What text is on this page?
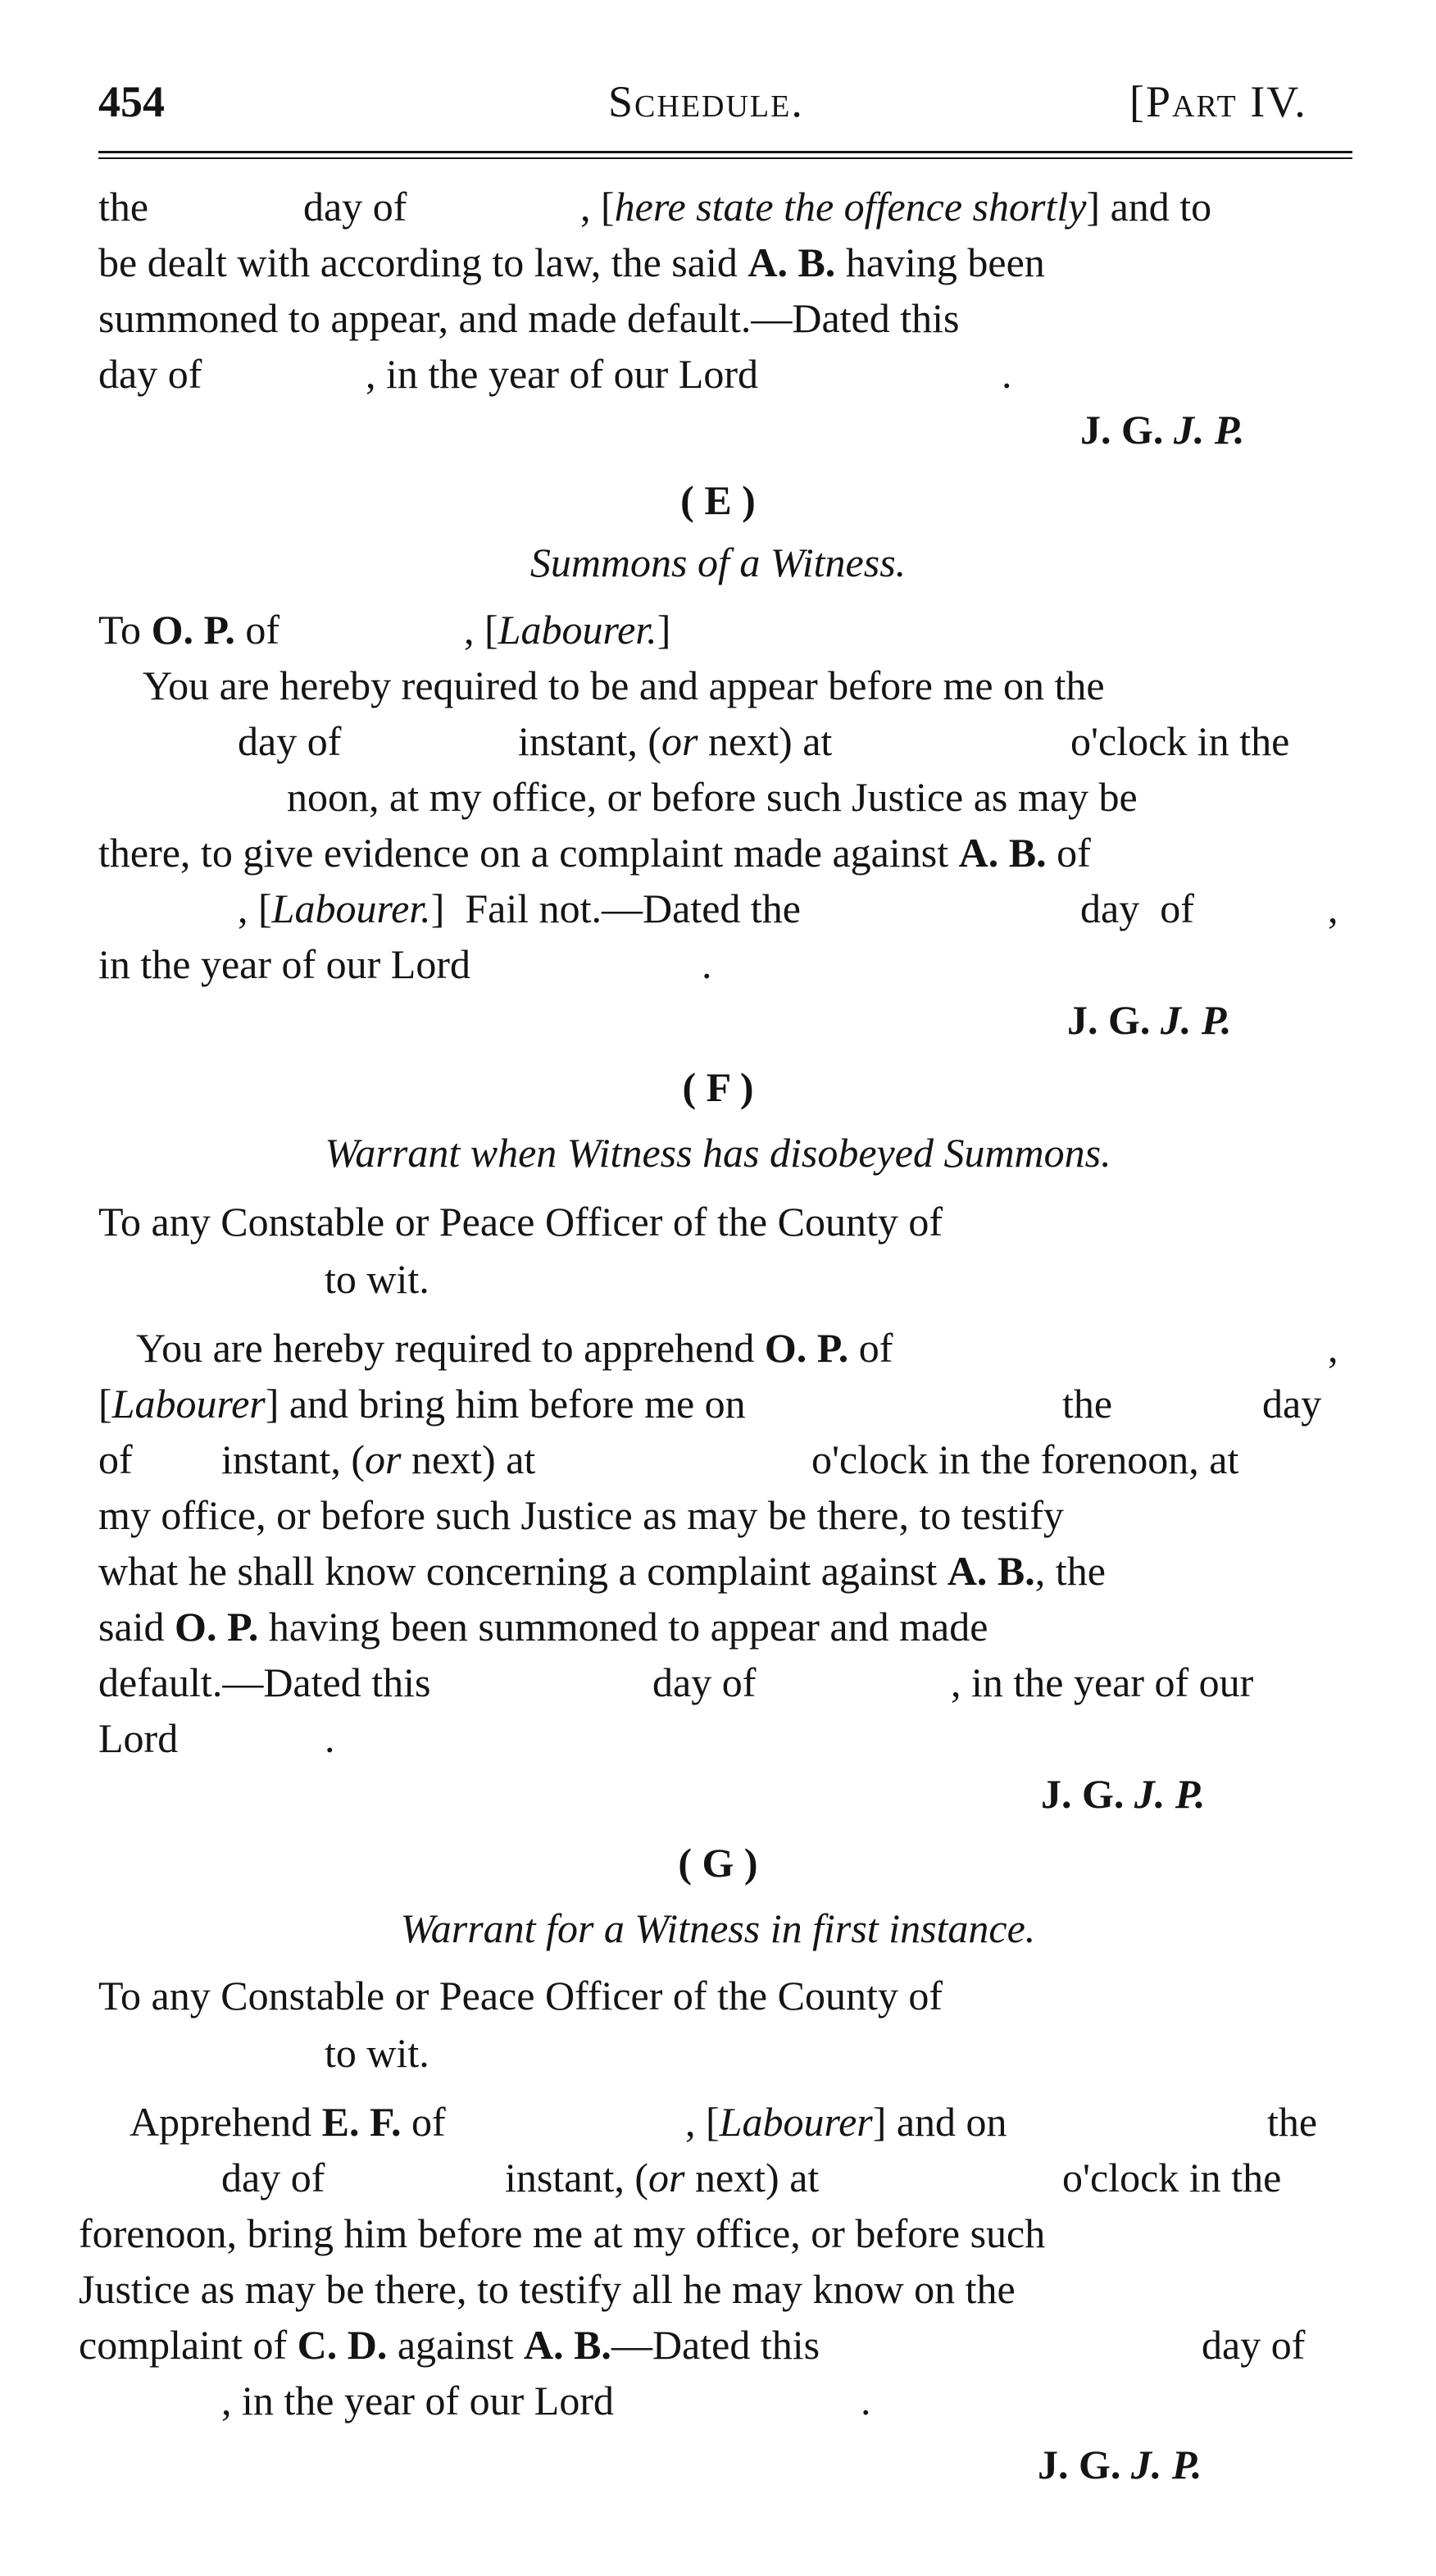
454	Schedule.	[Part IV.
the	day of	, [here state the offence shortly] and to
be dealt with according to law, the said A. B. having been
summoned to appear, and made default.—Dated this
day of	, in the year of our Lord	.
J. G. J. P.
( E )
Summons of a Witness.
To O. P. of	, [Labourer.]
You are hereby required to be and appear before me on the
day of	instant, (or next) at	o'clock in the
noon, at my office, or before such Justice as may be
there, to give evidence on a complaint made against A. B. of
, [Labourer.]  Fail not.—Dated the	day  of	,
in the year of our Lord	.
J. G. J. P.
( F )
Warrant when Witness has disobeyed Summons.
To any Constable or Peace Officer of the County of
to wit.
You are hereby required to apprehend O. P. of	,
[Labourer] and bring him before me on	the	day
of instant, (or next) at	o'clock in the forenoon, at
my office, or before such Justice as may be there, to testify
what he shall know concerning a complaint against A. B., the
said O. P. having been summoned to appear and made
default.—Dated this	day of	, in the year of our
Lord	.
J. G. J. P.
( G )
Warrant for a Witness in first instance.
To any Constable or Peace Officer of the County of
to wit.
Apprehend E. F. of	, [Labourer] and on	the
day of	instant, (or next) at	o'clock in the
forenoon, bring him before me at my office, or before such
Justice as may be there, to testify all he may know on the
complaint of C. D. against A. B.—Dated this	day of
, in the year of our Lord	.
J. G. J. P.
